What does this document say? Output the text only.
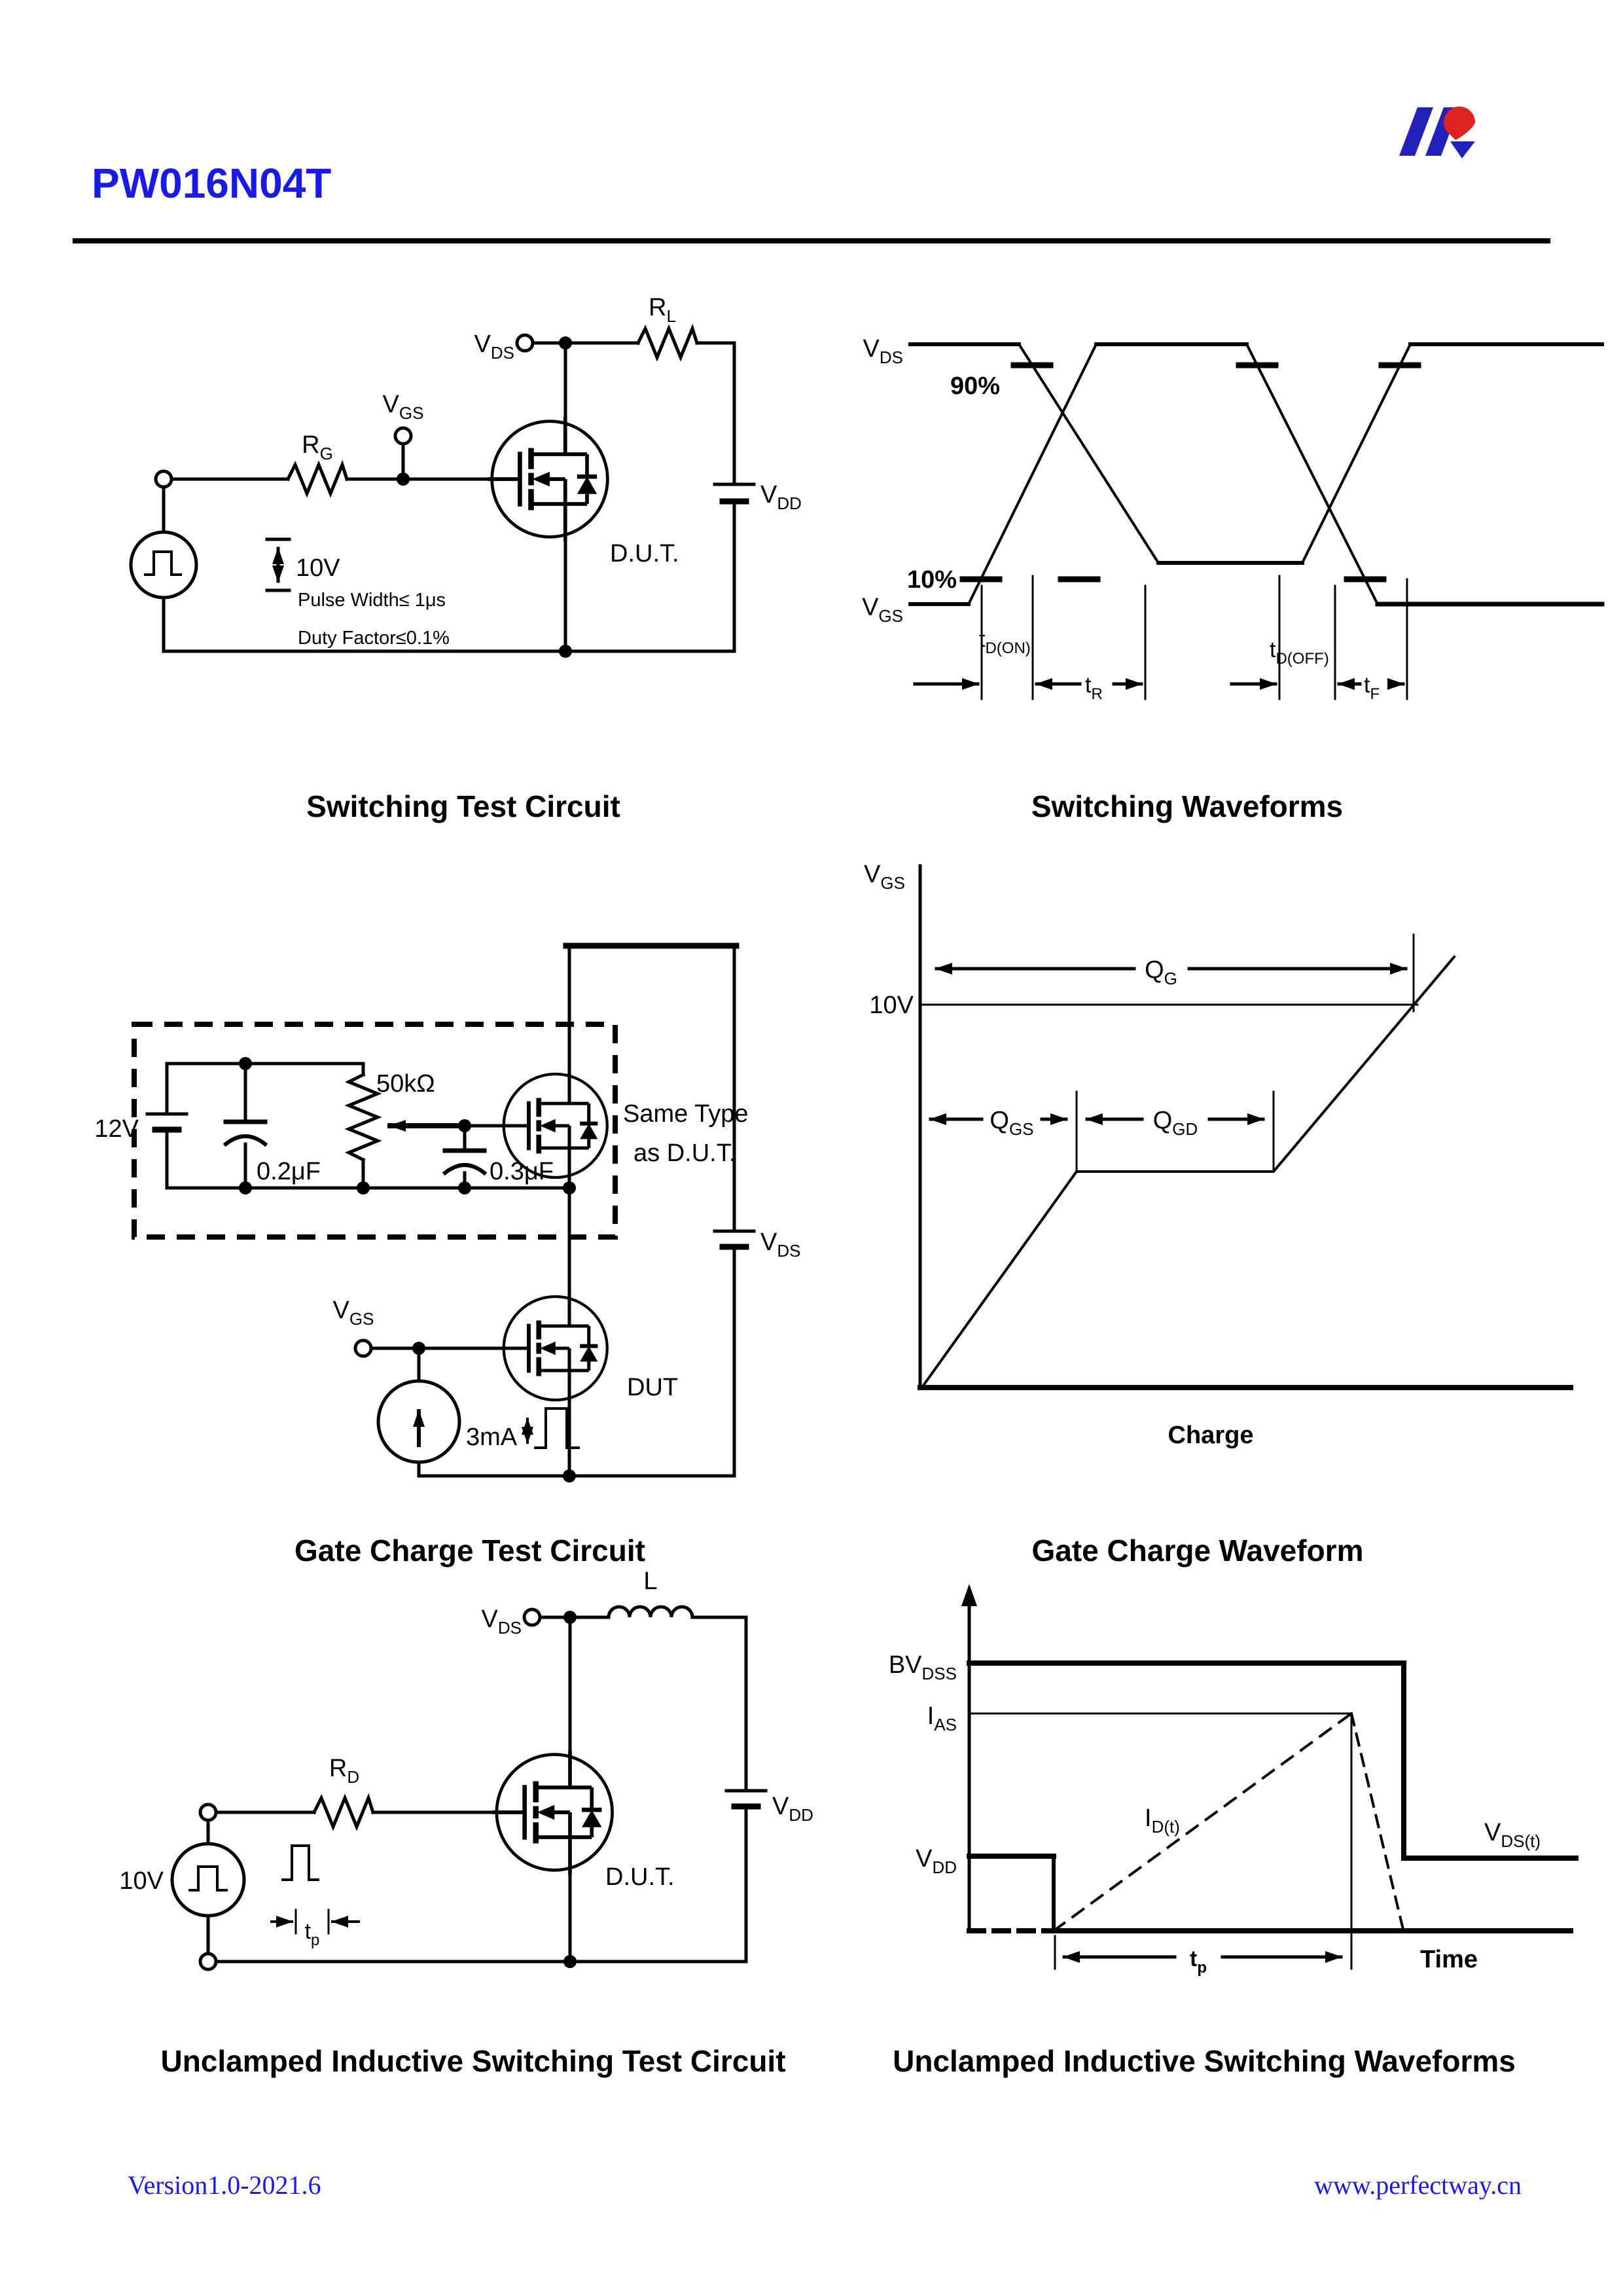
PW016N04T
$V_{DS}$
$R_L$
$V_{GS}$
$R_G$
$V_{DD}$
D.U.T.
10V
Pulse Width≤ 1μs
Duty Factor≤0.1%
Switching Test Circuit
$V_{DS}$
$V_{GS}$
90%
10%
$t_{D(ON)}$
$t_R$
$t_{D(OFF)}$
$t_F$
Switching Waveforms
12V
0.2μF
50kΩ
0.3μF
Same Type
as D.U.T.
$V_{DS}$
$V_{GS}$
3mA
DUT
Gate Charge Test Circuit
$V_{GS}$
10V
$Q_G$
$Q_{GS}$	$Q_{GD}$
Charge
Gate Charge Waveform
$V_{DS}$
L
$V_{DD}$
$R_D$
10V
$t_p$
D.U.T.
Unclamped Inductive Switching Test Circuit
$BV_{DSS}$
$I_{AS}$
$V_{DD}$
$I_{D(t)}$	$V_{DS(t)}$
$t_p$	Time
Unclamped Inductive Switching Waveforms
Version1.0-2021.6	www.perfectway.cn
